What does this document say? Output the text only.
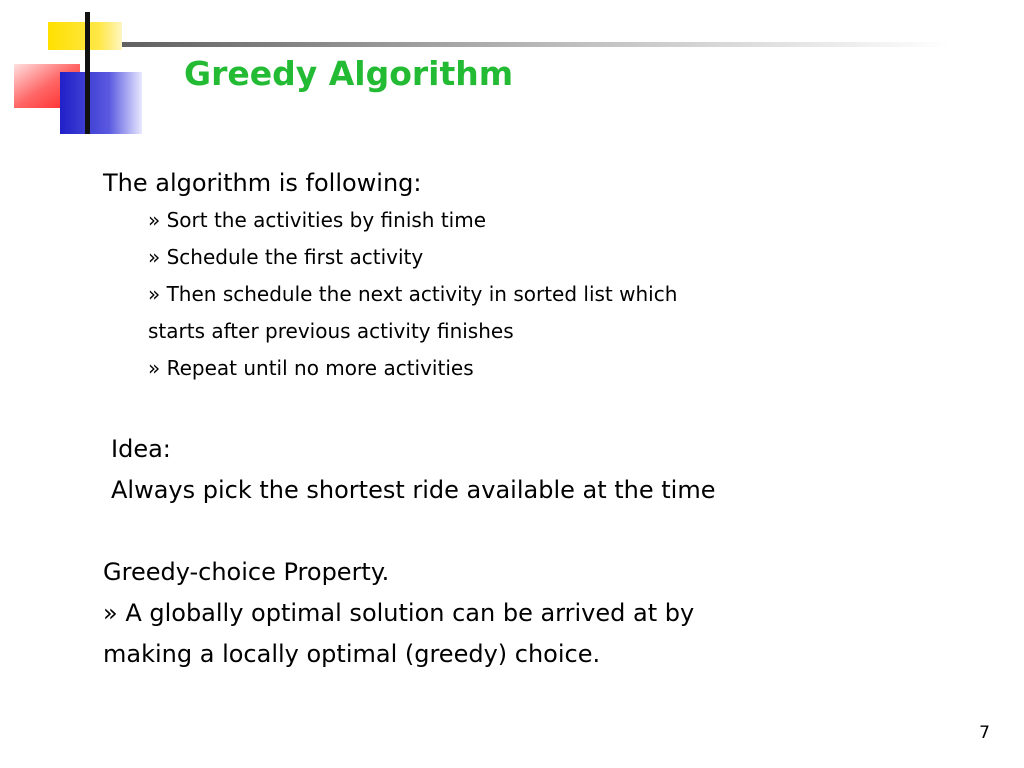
Greedy Algorithm
The algorithm is following:
» Sort the activities by finish time
» Schedule the first activity
» Then schedule the next activity in sorted list which
starts after previous activity finishes
» Repeat until no more activities
Idea:
Always pick the shortest ride available at the time
Greedy-choice Property.
» A globally optimal solution can be arrived at by
making a locally optimal (greedy) choice.
7
